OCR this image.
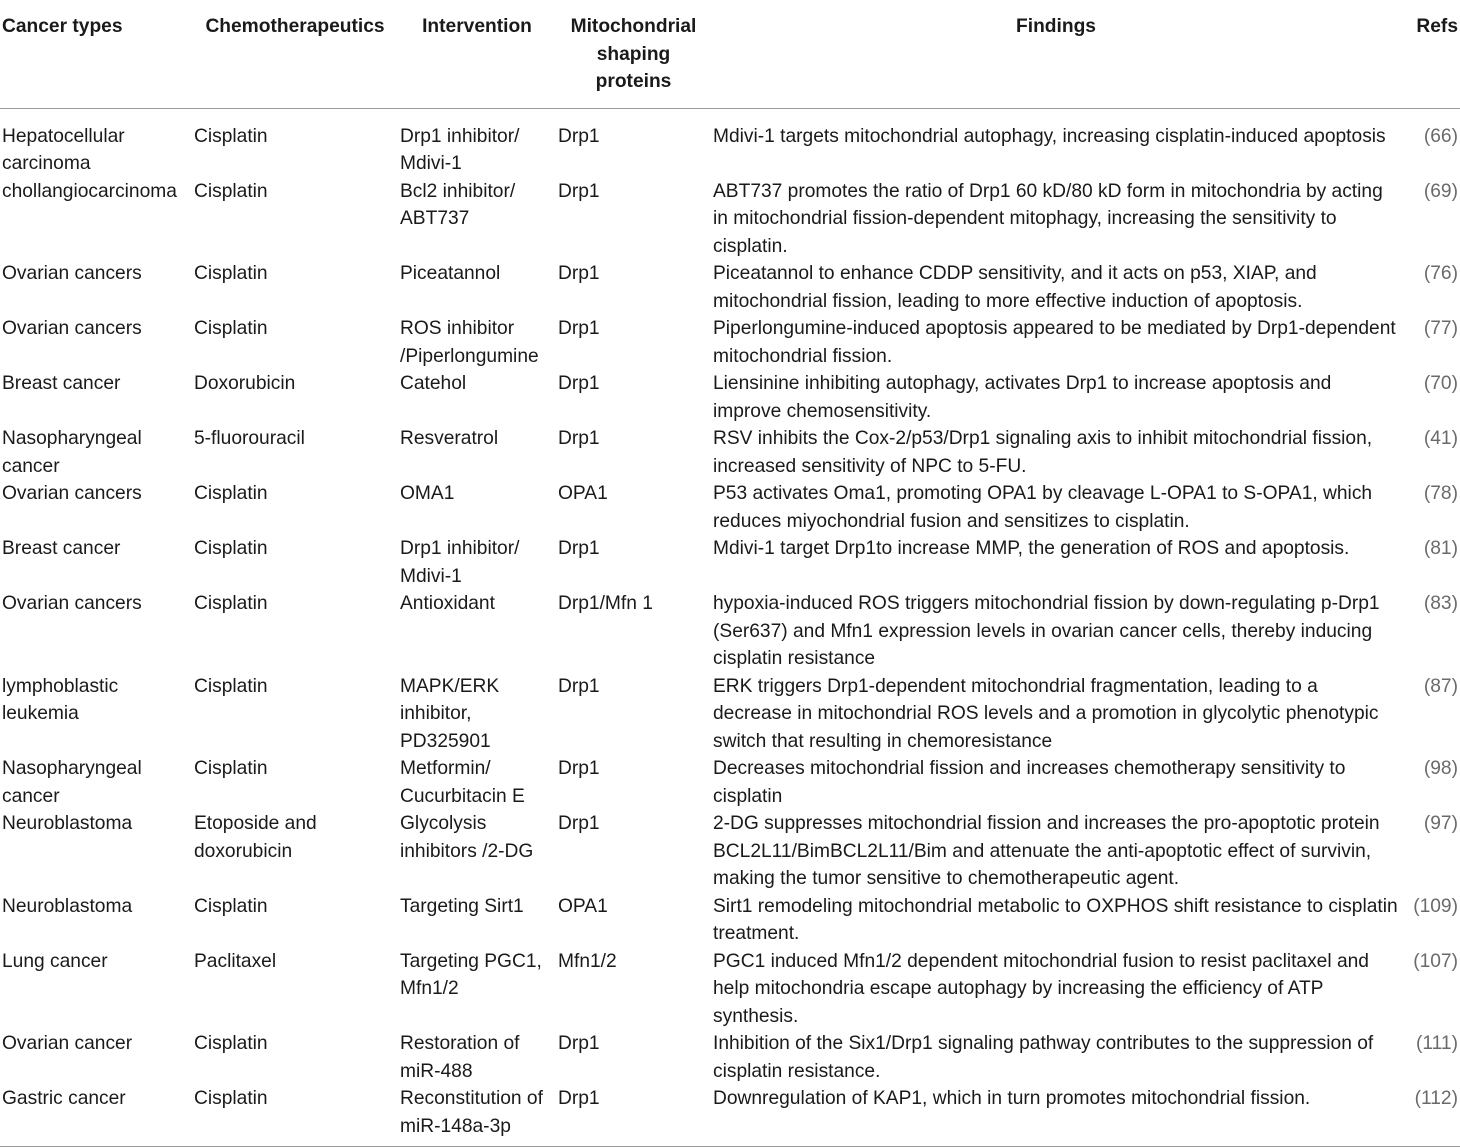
Cancer types	Chemotherapeutics	Intervention	Mitochondrial shaping proteins	Findings	Refs
Hepatocellular carcinoma	Cisplatin	Drp1 inhibitor/ Mdivi-1	Drp1	Mdivi-1 targets mitochondrial autophagy, increasing cisplatin-induced apoptosis	(66)
chollangiocarcinoma	Cisplatin	Bcl2 inhibitor/ ABT737	Drp1	ABT737 promotes the ratio of Drp1 60 kD/80 kD form in mitochondria by acting in mitochondrial fission-dependent mitophagy, increasing the sensitivity to cisplatin.	(69)
Ovarian cancers	Cisplatin	Piceatannol	Drp1	Piceatannol to enhance CDDP sensitivity, and it acts on p53, XIAP, and mitochondrial fission, leading to more effective induction of apoptosis.	(76)
Ovarian cancers	Cisplatin	ROS inhibitor /Piperlongumine	Drp1	Piperlongumine-induced apoptosis appeared to be mediated by Drp1-dependent mitochondrial fission.	(77)
Breast cancer	Doxorubicin	Catehol	Drp1	Liensinine inhibiting autophagy, activates Drp1 to increase apoptosis and improve chemosensitivity.	(70)
Nasopharyngeal cancer	5-fluorouracil	Resveratrol	Drp1	RSV inhibits the Cox-2/p53/Drp1 signaling axis to inhibit mitochondrial fission, increased sensitivity of NPC to 5-FU.	(41)
Ovarian cancers	Cisplatin	OMA1	OPA1	P53 activates Oma1, promoting OPA1 by cleavage L-OPA1 to S-OPA1, which reduces miyochondrial fusion and sensitizes to cisplatin.	(78)
Breast cancer	Cisplatin	Drp1 inhibitor/ Mdivi-1	Drp1	Mdivi-1 target Drp1to increase MMP, the generation of ROS and apoptosis.	(81)
Ovarian cancers	Cisplatin	Antioxidant	Drp1/Mfn 1	hypoxia-induced ROS triggers mitochondrial fission by down-regulating p-Drp1 (Ser637) and Mfn1 expression levels in ovarian cancer cells, thereby inducing cisplatin resistance	(83)
lymphoblastic leukemia	Cisplatin	MAPK/ERK inhibitor, PD325901	Drp1	ERK triggers Drp1-dependent mitochondrial fragmentation, leading to a decrease in mitochondrial ROS levels and a promotion in glycolytic phenotypic switch that resulting in chemoresistance	(87)
Nasopharyngeal cancer	Cisplatin	Metformin/ Cucurbitacin E	Drp1	Decreases mitochondrial fission and increases chemotherapy sensitivity to cisplatin	(98)
Neuroblastoma	Etoposide and doxorubicin	Glycolysis inhibitors /2-DG	Drp1	2-DG suppresses mitochondrial fission and increases the pro-apoptotic protein BCL2L11/BimBCL2L11/Bim and attenuate the anti-apoptotic effect of survivin, making the tumor sensitive to chemotherapeutic agent.	(97)
Neuroblastoma	Cisplatin	Targeting Sirt1	OPA1	Sirt1 remodeling mitochondrial metabolic to OXPHOS shift resistance to cisplatin treatment.	(109)
Lung cancer	Paclitaxel	Targeting PGC1, Mfn1/2	Mfn1/2	PGC1 induced Mfn1/2 dependent mitochondrial fusion to resist paclitaxel and help mitochondria escape autophagy by increasing the efficiency of ATP synthesis.	(107)
Ovarian cancer	Cisplatin	Restoration of miR-488	Drp1	Inhibition of the Six1/Drp1 signaling pathway contributes to the suppression of cisplatin resistance.	(111)
Gastric cancer	Cisplatin	Reconstitution of miR-148a-3p	Drp1	Downregulation of KAP1, which in turn promotes mitochondrial fission.	(112)
